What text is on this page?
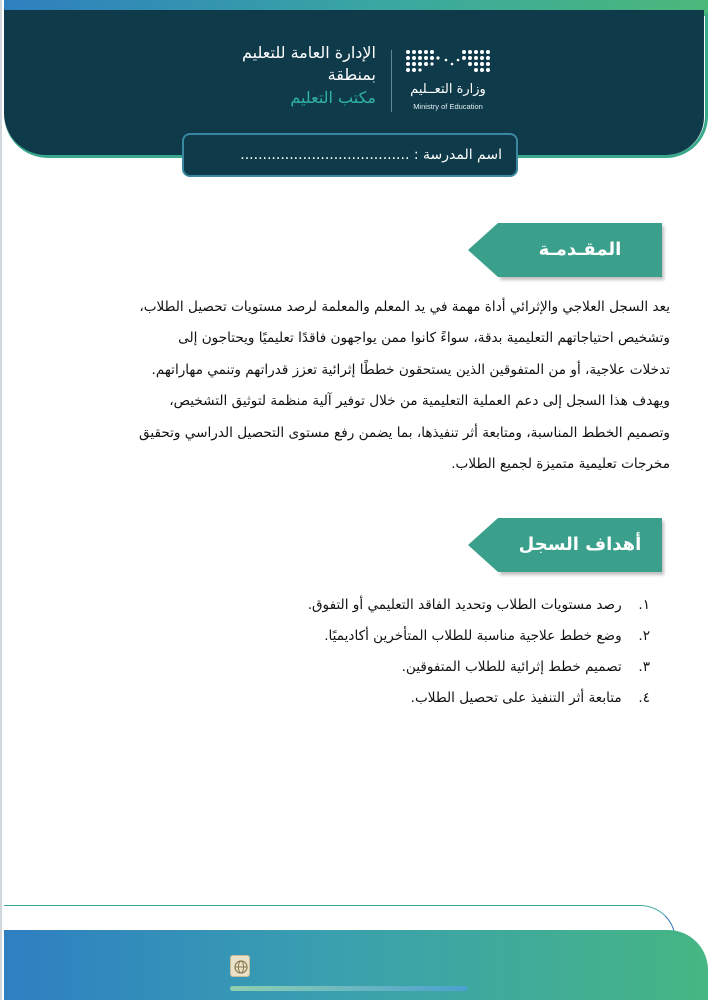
وزارة التعــليم
Ministry of Education
الإدارة العامة للتعليم
بمنطقة
مكتب التعليم
اسم المدرسة : ......................................
المقـدمـة

يعد السجل العلاجي والإثرائي أداة مهمة في يد المعلم والمعلمة لرصد مستويات تحصيل الطلاب،

وتشخيص احتياجاتهم التعليمية بدقة، سواءً كانوا ممن يواجهون فاقدًا تعليميًا ويحتاجون إلى

تدخلات علاجية، أو من المتفوقين الذين يستحقون خططًا إثرائية تعزز قدراتهم وتنمي مهاراتهم.

ويهدف هذا السجل إلى دعم العملية التعليمية من خلال توفير آلية منظمة لتوثيق التشخيص،

وتصميم الخطط المناسبة، ومتابعة أثر تنفيذها، بما يضمن رفع مستوى التحصيل الدراسي وتحقيق

مخرجات تعليمية متميزة لجميع الطلاب.

أهداف السجل
١. رصد مستويات الطلاب وتحديد الفاقد التعليمي أو التفوق.
٢. وضع خطط علاجية مناسبة للطلاب المتأخرين أكاديميًا.
٣. تصميم خطط إثرائية للطلاب المتفوقين.
٤. متابعة أثر التنفيذ على تحصيل الطلاب.
